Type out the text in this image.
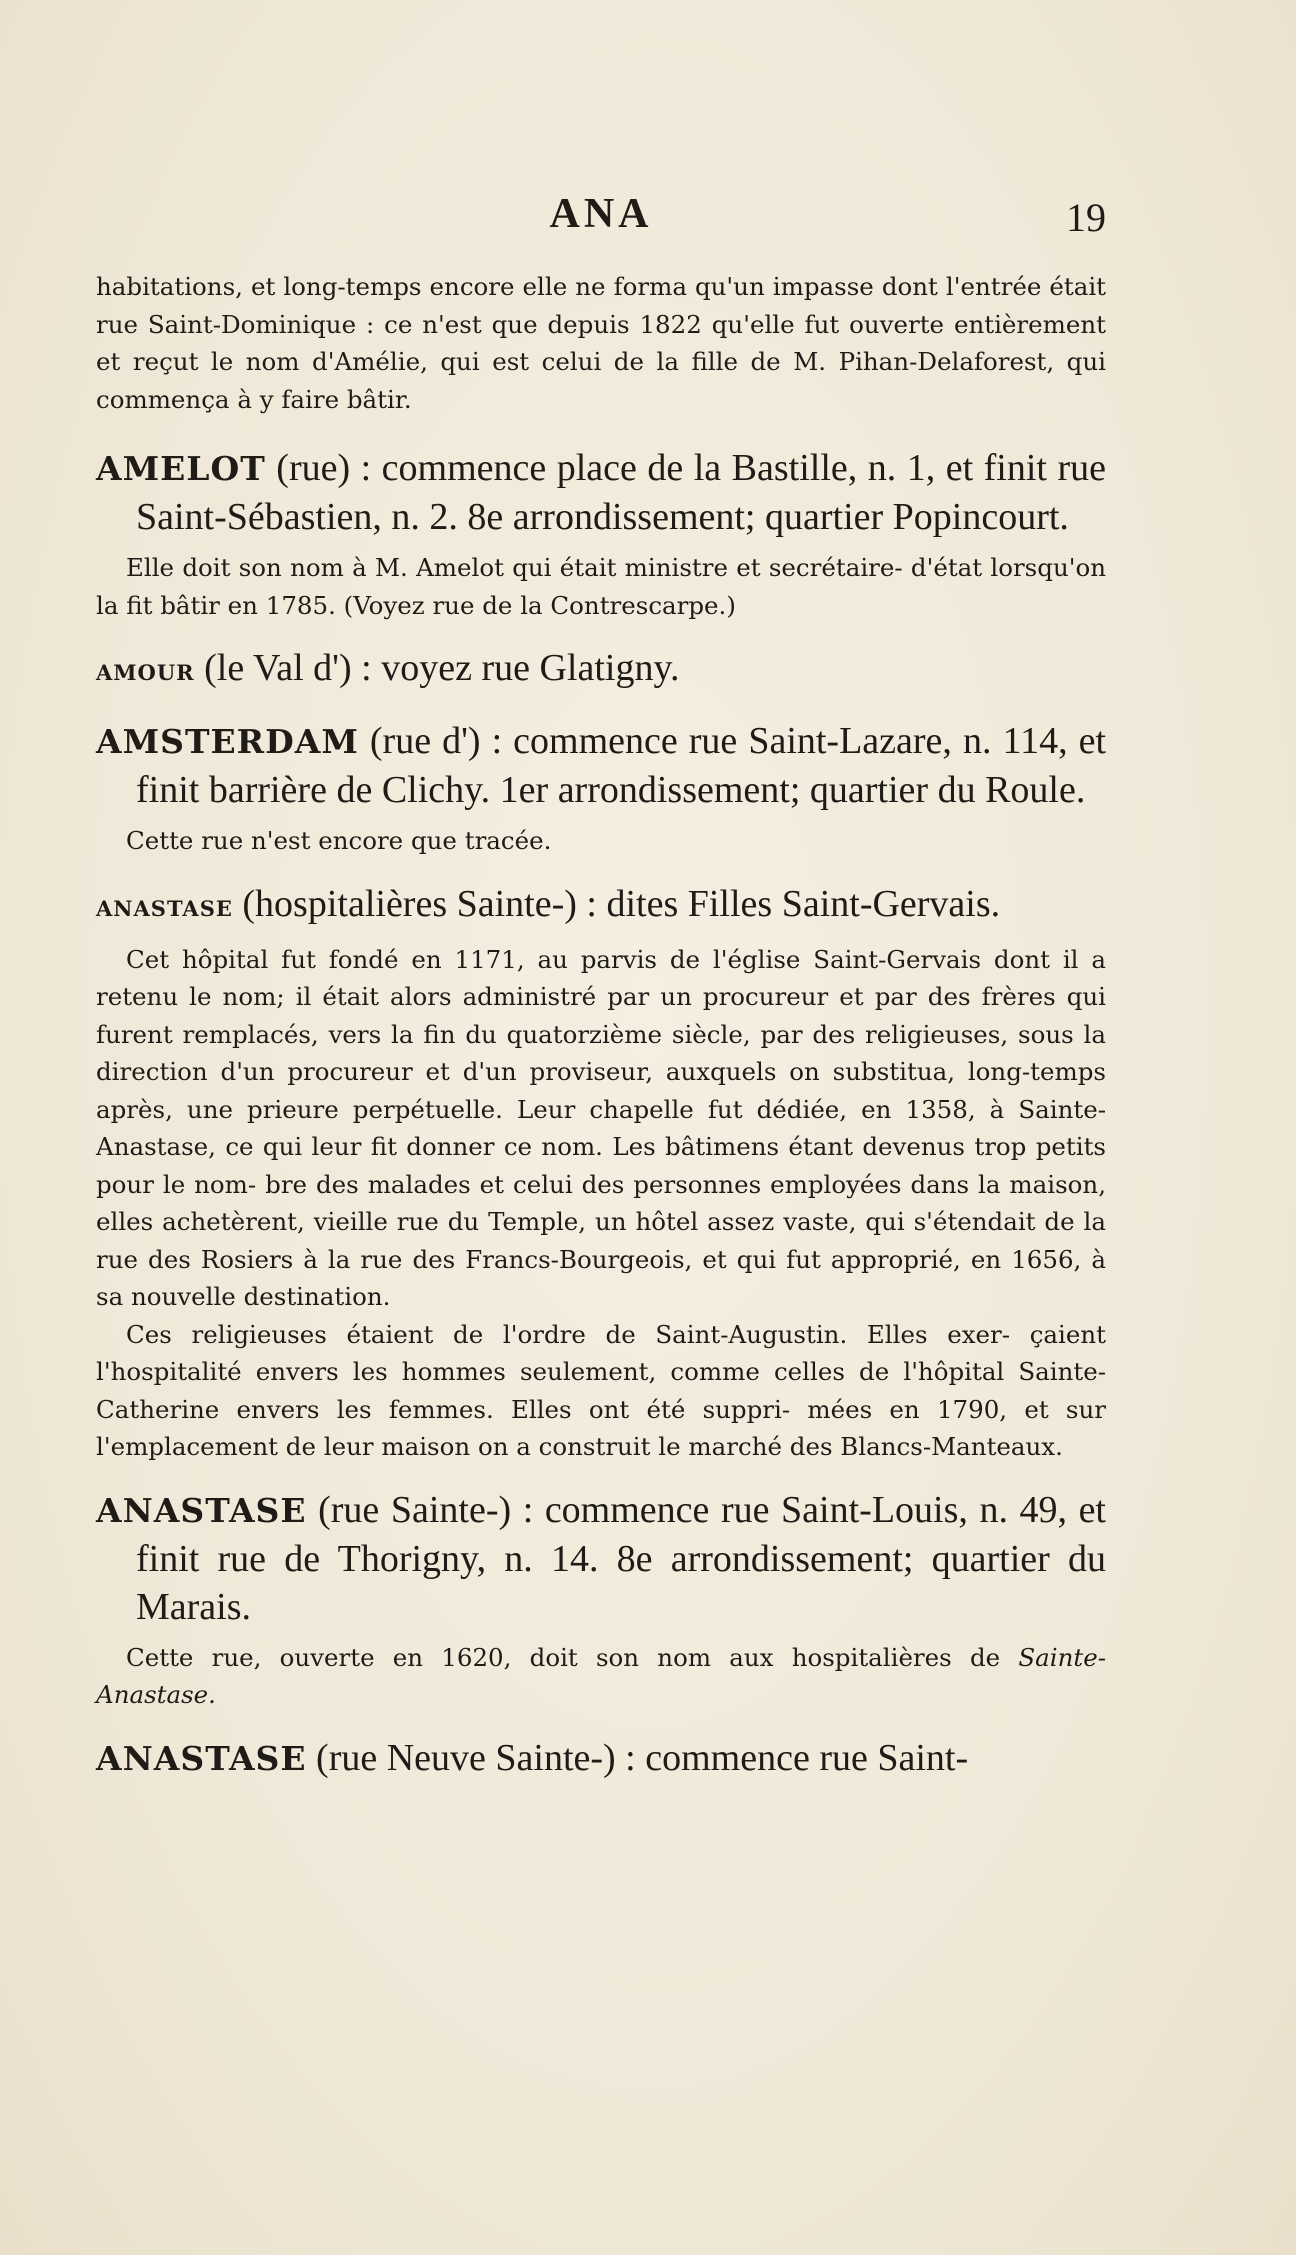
ANA	19

habitations, et long-temps encore elle ne forma qu'un impasse dont l'entrée était rue Saint-Dominique : ce n'est que depuis 1822 qu'elle fut ouverte entièrement et reçut le nom d'Amélie, qui est celui de la fille de M. Pihan-Delaforest, qui commença à y faire bâtir.

AMELOT (rue) : commence place de la Bastille, n. 1, et finit rue Saint-Sébastien, n. 2. 8e arrondissement; quartier Popincourt.

Elle doit son nom à M. Amelot qui était ministre et secrétaire- d'état lorsqu'on la fit bâtir en 1785. (Voyez rue de la Contrescarpe.)

AMOUR (le Val d') : voyez rue Glatigny.

AMSTERDAM (rue d') : commence rue Saint-Lazare, n. 114, et finit barrière de Clichy. 1er arrondissement; quartier du Roule.

Cette rue n'est encore que tracée.

ANASTASE (hospitalières Sainte-) : dites Filles Saint-Gervais.

Cet hôpital fut fondé en 1171, au parvis de l'église Saint-Gervais dont il a retenu le nom; il était alors administré par un procureur et par des frères qui furent remplacés, vers la fin du quatorzième siècle, par des religieuses, sous la direction d'un procureur et d'un proviseur, auxquels on substitua, long-temps après, une prieure perpétuelle. Leur chapelle fut dédiée, en 1358, à Sainte-Anastase, ce qui leur fit donner ce nom. Les bâtimens étant devenus trop petits pour le nom- bre des malades et celui des personnes employées dans la maison, elles achetèrent, vieille rue du Temple, un hôtel assez vaste, qui s'étendait de la rue des Rosiers à la rue des Francs-Bourgeois, et qui fut approprié, en 1656, à sa nouvelle destination.

Ces religieuses étaient de l'ordre de Saint-Augustin. Elles exer- çaient l'hospitalité envers les hommes seulement, comme celles de l'hôpital Sainte-Catherine envers les femmes. Elles ont été suppri- mées en 1790, et sur l'emplacement de leur maison on a construit le marché des Blancs-Manteaux.

ANASTASE (rue Sainte-) : commence rue Saint-Louis, n. 49, et finit rue de Thorigny, n. 14. 8e arrondissement; quartier du Marais.

Cette rue, ouverte en 1620, doit son nom aux hospitalières de Sainte-Anastase.

ANASTASE (rue Neuve Sainte-) : commence rue Saint-
